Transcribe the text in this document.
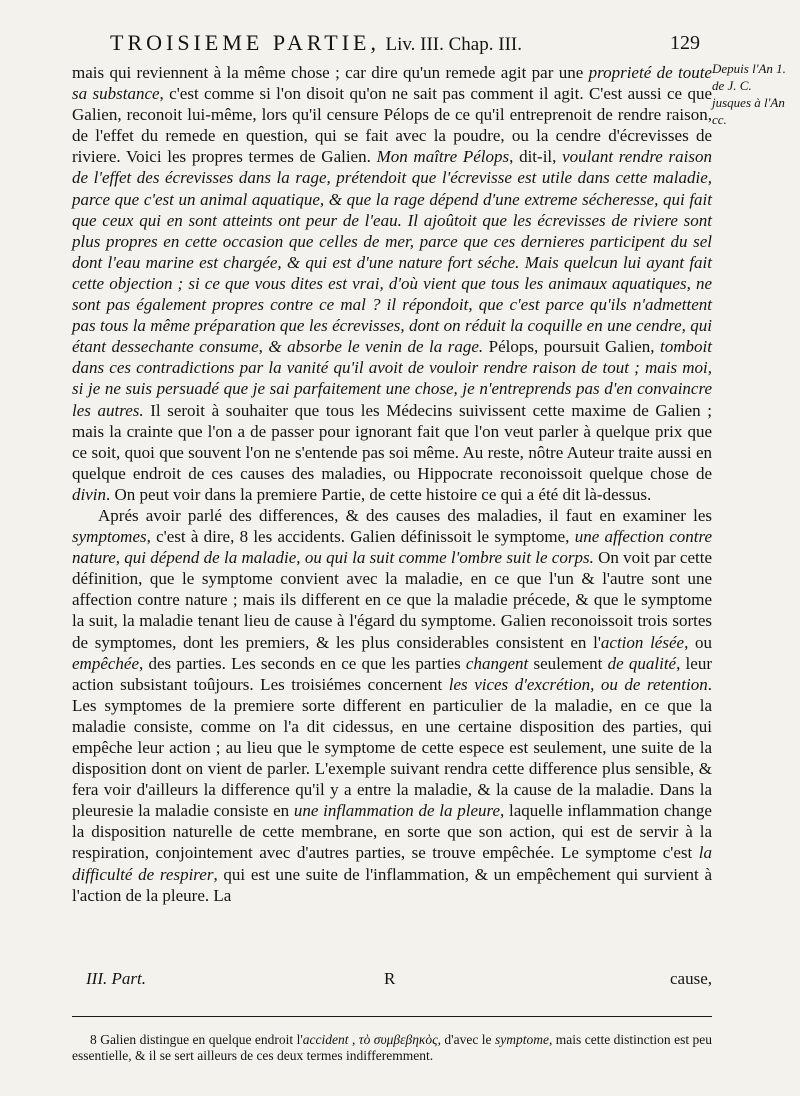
TROISIEME PARTIE, Liv. III. Chap. III.	129
Depuis l'An 1. de J. C. jusques à l'An cc.

mais qui reviennent à la même chose ; car dire qu'un remede agit par une proprieté de toute sa substance, c'est comme si l'on disoit qu'on ne sait pas comment il agit. C'est aussi ce que Galien, reconoit lui-même, lors qu'il censure Pélops de ce qu'il entreprenoit de rendre raison, de l'effet du remede en question, qui se fait avec la poudre, ou la cendre d'écrevisses de riviere. Voici les propres termes de Galien. Mon maître Pélops, dit-il, voulant rendre raison de l'effet des écrevisses dans la rage, prétendoit que l'écrevisse est utile dans cette maladie, parce que c'est un animal aquatique, & que la rage dépend d'une extreme sécheresse, qui fait que ceux qui en sont atteints ont peur de l'eau. Il ajoûtoit que les écrevisses de riviere sont plus propres en cette occasion que celles de mer, parce que ces dernieres participent du sel dont l'eau marine est chargée, & qui est d'une nature fort séche. Mais quelcun lui ayant fait cette objection ; si ce que vous dites est vrai, d'où vient que tous les animaux aquatiques, ne sont pas également propres contre ce mal ? il répondoit, que c'est parce qu'ils n'admettent pas tous la même préparation que les écrevisses, dont on réduit la coquille en une cendre, qui étant dessechante consume, & absorbe le venin de la rage. Pélops, poursuit Galien, tomboit dans ces contradictions par la vanité qu'il avoit de vouloir rendre raison de tout ; mais moi, si je ne suis persuadé que je sai parfaitement une chose, je n'entreprends pas d'en convaincre les autres. Il seroit à souhaiter que tous les Médecins suivissent cette maxime de Galien ; mais la crainte que l'on a de passer pour ignorant fait que l'on veut parler à quelque prix que ce soit, quoi que souvent l'on ne s'entende pas soi même. Au reste, nôtre Auteur traite aussi en quelque endroit de ces causes des maladies, ou Hippocrate reconoissoit quelque chose de divin. On peut voir dans la premiere Partie, de cette histoire ce qui a été dit là-dessus.

Aprés avoir parlé des differences, & des causes des maladies, il faut en examiner les symptomes, c'est à dire, 8 les accidents. Galien définissoit le symptome, une affection contre nature, qui dépend de la maladie, ou qui la suit comme l'ombre suit le corps. On voit par cette définition, que le symptome convient avec la maladie, en ce que l'un & l'autre sont une affection contre nature ; mais ils different en ce que la maladie précede, & que le symptome la suit, la maladie tenant lieu de cause à l'égard du symptome. Galien reconoissoit trois sortes de symptomes, dont les premiers, & les plus considerables consistent en l'action lésée, ou empêchée, des parties. Les seconds en ce que les parties changent seulement de qualité, leur action subsistant toûjours. Les troisiémes concernent les vices d'excrétion, ou de retention. Les symptomes de la premiere sorte different en particulier de la maladie, en ce que la maladie consiste, comme on l'a dit cidessus, en une certaine disposition des parties, qui empêche leur action ; au lieu que le symptome de cette espece est seulement, une suite de la disposition dont on vient de parler. L'exemple suivant rendra cette difference plus sensible, & fera voir d'ailleurs la difference qu'il y a entre la maladie, & la cause de la maladie. Dans la pleuresie la maladie consiste en une inflammation de la pleure, laquelle inflammation change la disposition naturelle de cette membrane, en sorte que son action, qui est de servir à la respiration, conjointement avec d'autres parties, se trouve empêchée. Le symptome c'est la difficulté de respirer, qui est une suite de l'inflammation, & un empêchement qui survient à l'action de la pleure. La

III. Part.	R	cause,

8 Galien distingue en quelque endroit l'accident , τὸ συμβεβηκὸς, d'avec le symptome, mais cette distinction est peu essentielle, & il se sert ailleurs de ces deux termes indifferemment.
